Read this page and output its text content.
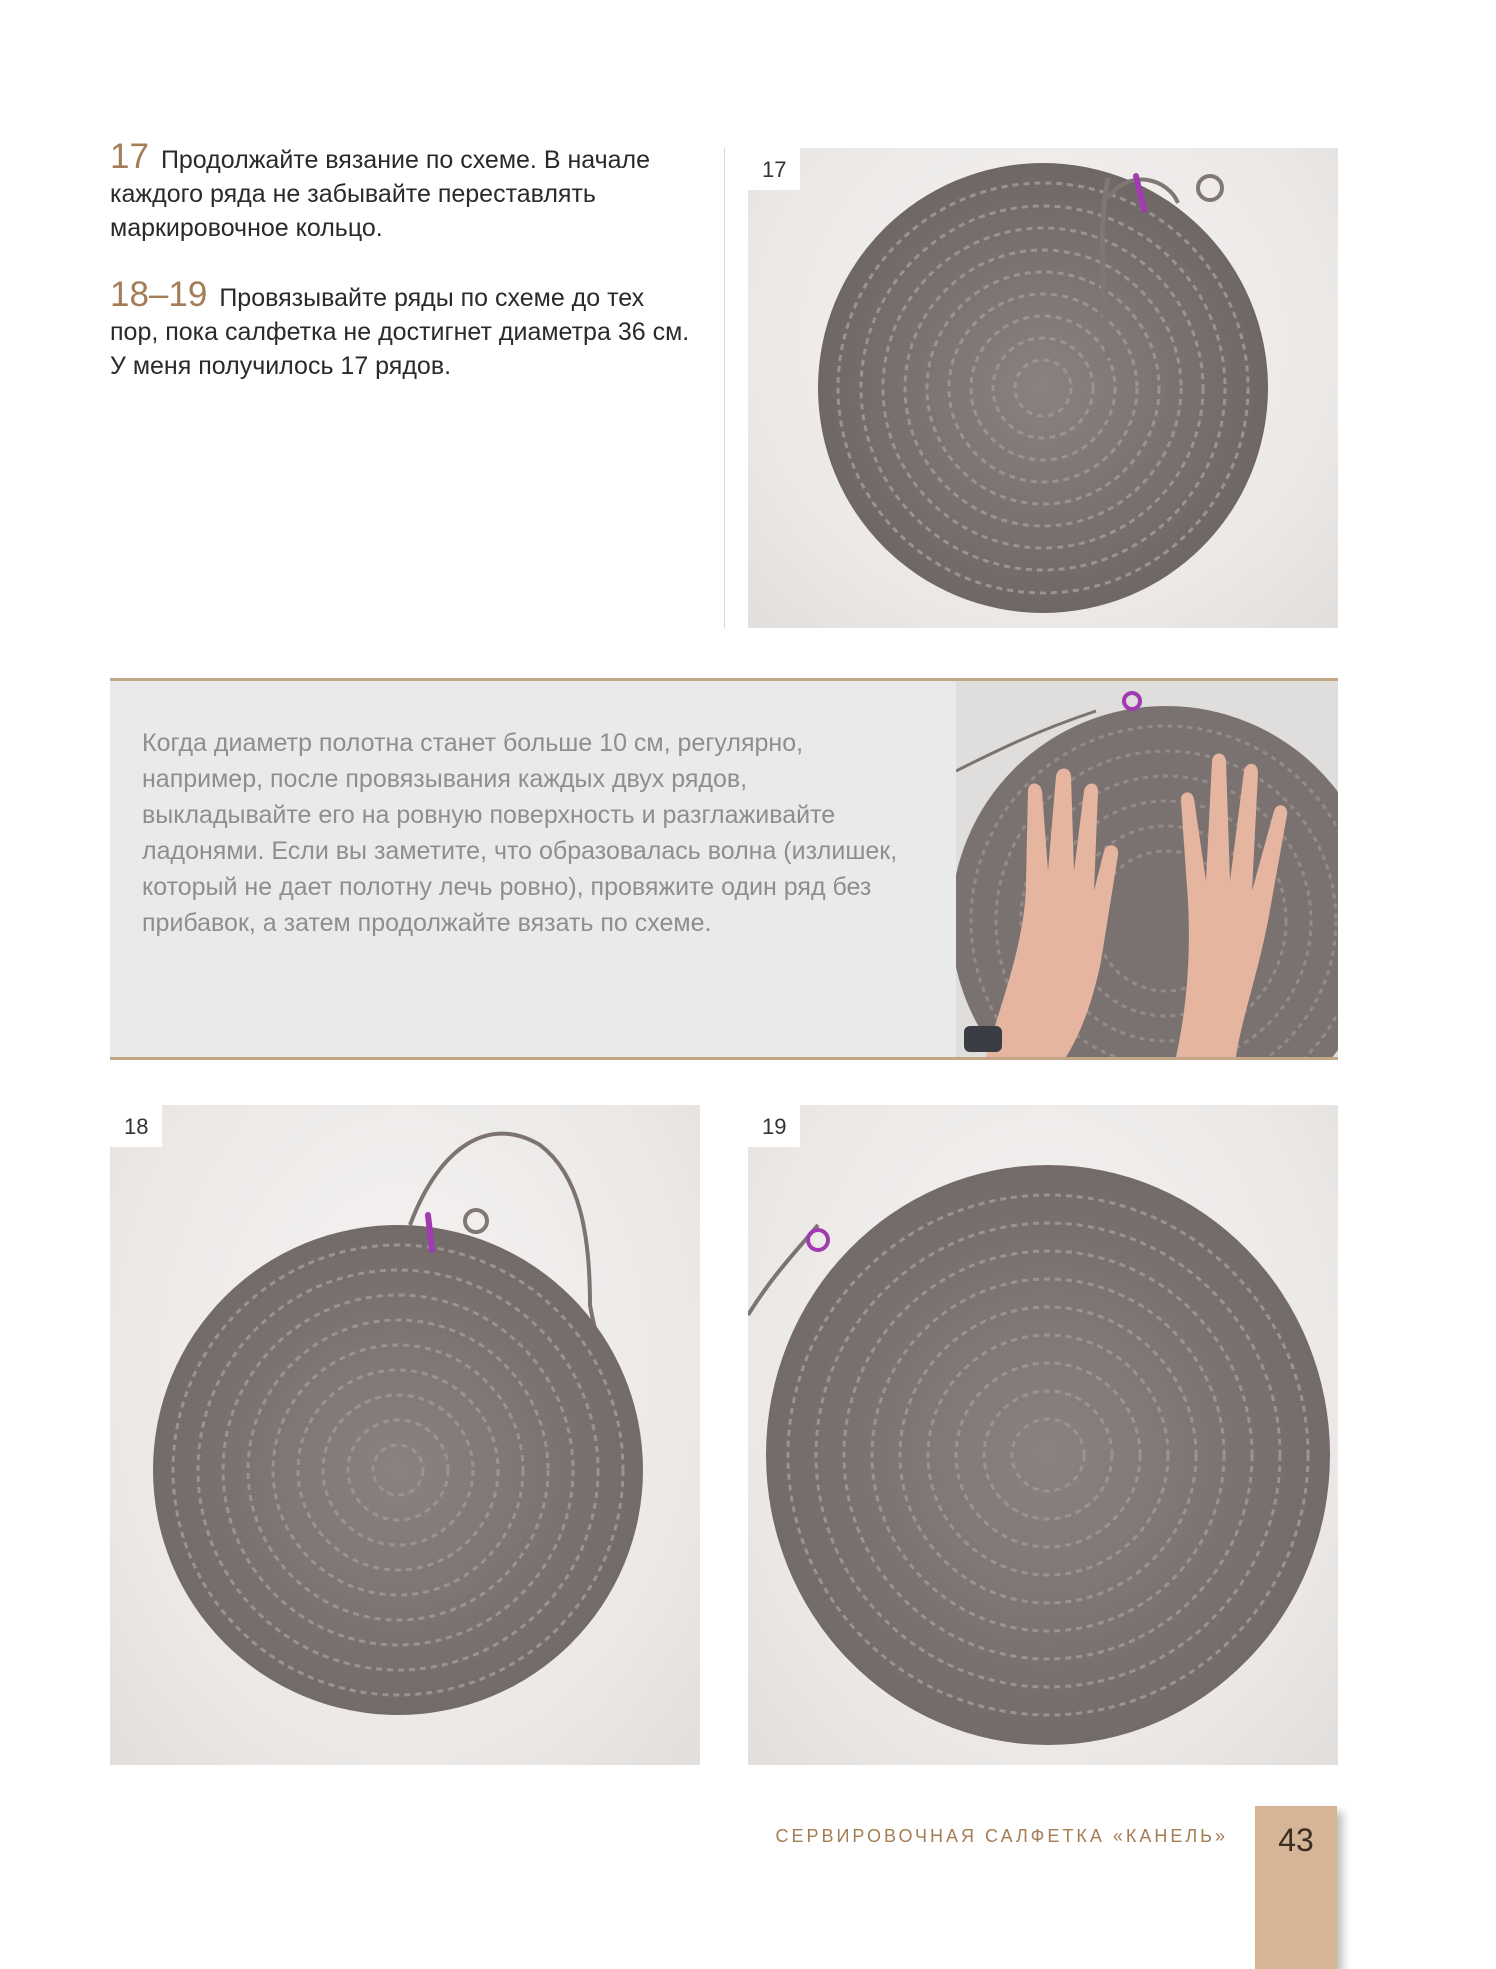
17 Продолжайте вязание по схеме. В начале каждого ряда не забывайте переставлять маркировочное кольцо.
18–19 Провязывайте ряды по схеме до тех пор, пока салфетка не достигнет диаметра 36 см. У меня получилось 17 рядов.
17
Когда диаметр полотна станет больше 10 см, регулярно, например, после провязывания каждых двух рядов, выкладывайте его на ровную поверхность и разглаживайте ладонями. Если вы заметите, что образовалась волна (излишек, который не дает полотну лечь ровно), провяжите один ряд без прибавок, а затем продолжайте вязать по схеме.
18	19
СЕРВИРОВОЧНАЯ САЛФЕТКА «КАНЕЛЬ»	43
